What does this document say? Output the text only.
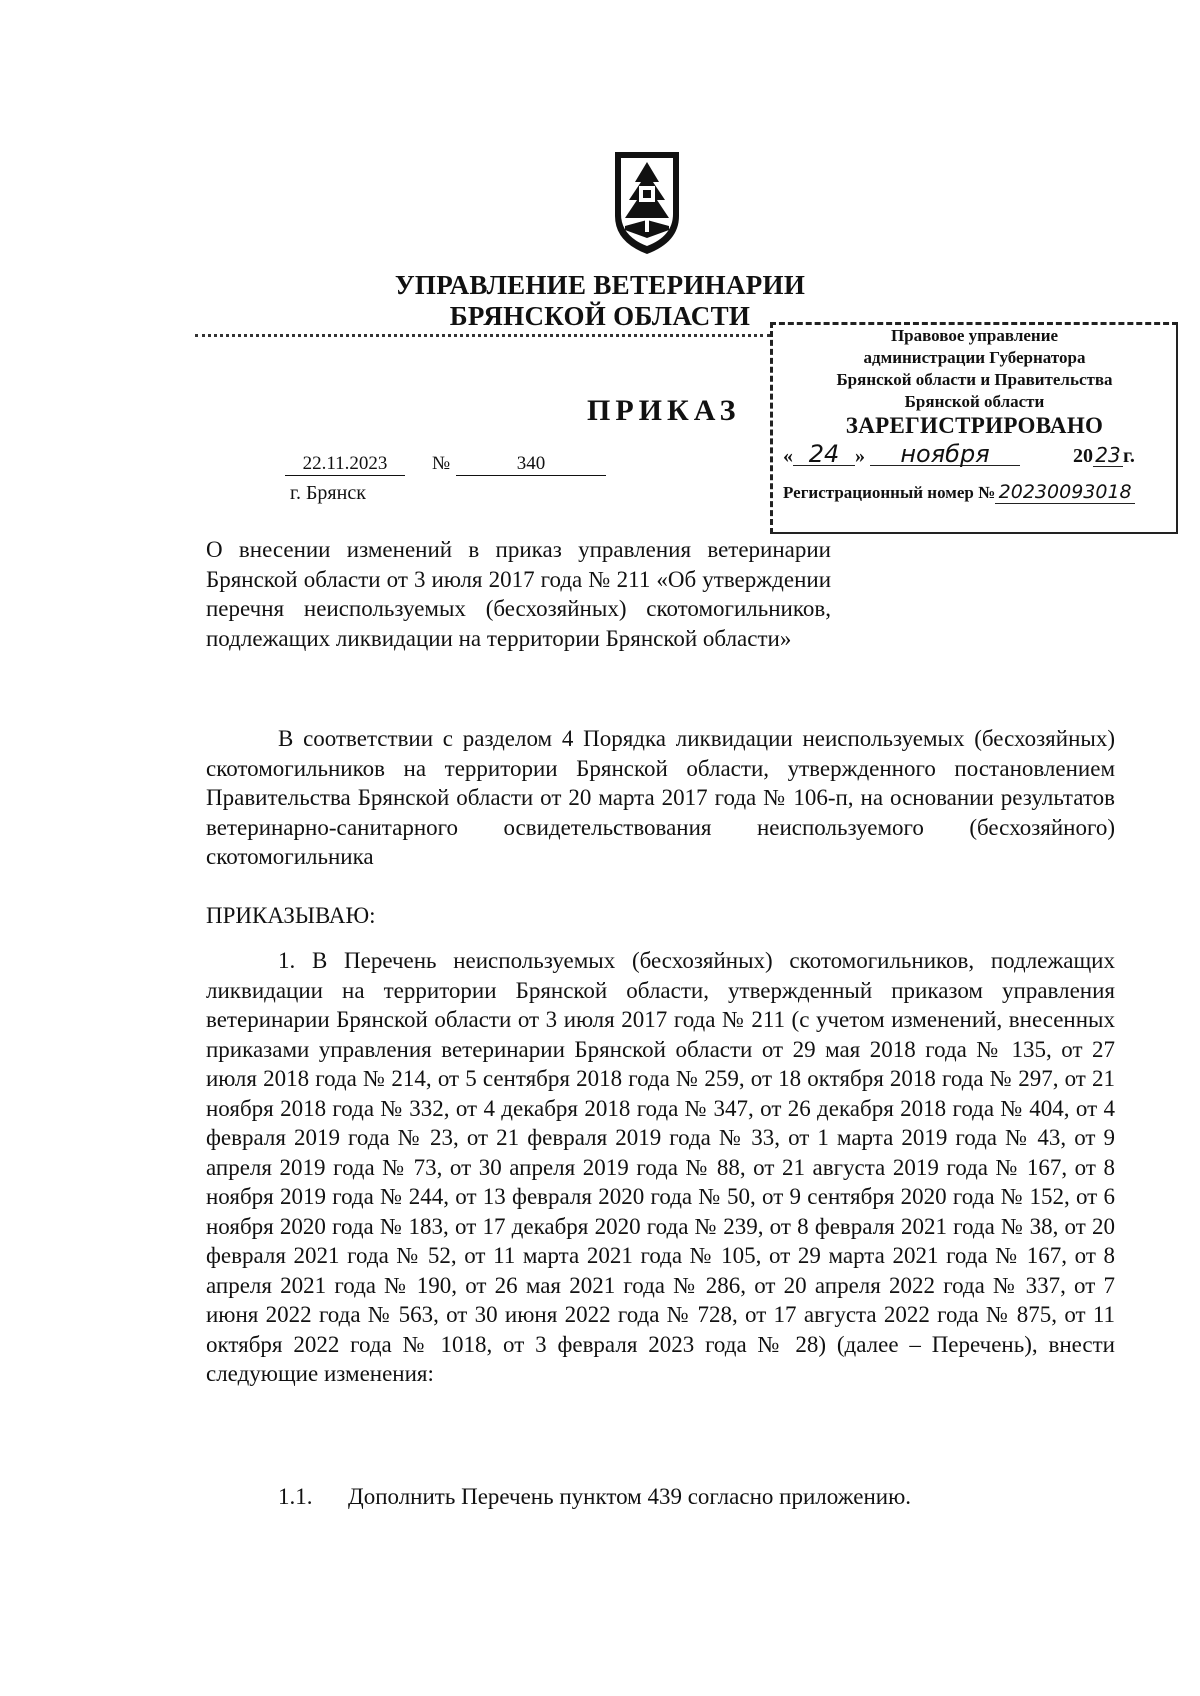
УПРАВЛЕНИЕ ВЕТЕРИНАРИИ
БРЯНСКОЙ ОБЛАСТИ
Правовое управление
администрации Губернатора
Брянской области и Правительства
Брянской области
ЗАРЕГИСТРИРОВАНО
« 24 » ноября	20 23 г.
Регистрационный номер № 20230093018
ПРИКАЗ
22.11.2023	№	340
г. Брянск
О внесении изменений в приказ управления ветеринарии Брянской области от 3 июля 2017 года № 211 «Об утверждении перечня неиспользуемых (бесхозяйных) скотомогильников, подлежащих ликвидации на территории Брянской области»

В соответствии с разделом 4 Порядка ликвидации неиспользуемых (бесхозяйных) скотомогильников на территории Брянской области, утвержденного постановлением Правительства Брянской области от 20 марта 2017 года № 106-п, на основании результатов ветеринарно-санитарного освидетельствования неиспользуемого (бесхозяйного) скотомогильника

ПРИКАЗЫВАЮ:

1. В Перечень неиспользуемых (бесхозяйных) скотомогильников, подлежащих ликвидации на территории Брянской области, утвержденный приказом управления ветеринарии Брянской области от 3 июля 2017 года № 211 (с учетом изменений, внесенных приказами управления ветеринарии Брянской области от 29 мая 2018 года № 135, от 27 июля 2018 года № 214, от 5 сентября 2018 года № 259, от 18 октября 2018 года № 297, от 21 ноября 2018 года № 332, от 4 декабря 2018 года № 347, от 26 декабря 2018 года № 404, от 4 февраля 2019 года № 23, от 21 февраля 2019 года № 33, от 1 марта 2019 года № 43, от 9 апреля 2019 года № 73, от 30 апреля 2019 года № 88, от 21 августа 2019 года № 167, от 8 ноября 2019 года № 244, от 13 февраля 2020 года № 50, от 9 сентября 2020 года № 152, от 6 ноября 2020 года № 183, от 17 декабря 2020 года № 239, от 8 февраля 2021 года № 38, от 20 февраля 2021 года № 52, от 11 марта 2021 года № 105, от 29 марта 2021 года № 167, от 8 апреля 2021 года № 190, от 26 мая 2021 года № 286, от 20 апреля 2022 года № 337, от 7 июня 2022 года № 563, от 30 июня 2022 года № 728, от 17 августа 2022 года № 875, от 11 октября 2022 года № 1018, от 3 февраля 2023 года № 28) (далее – Перечень), внести следующие изменения:

1.1. Дополнить Перечень пунктом 439 согласно приложению.
